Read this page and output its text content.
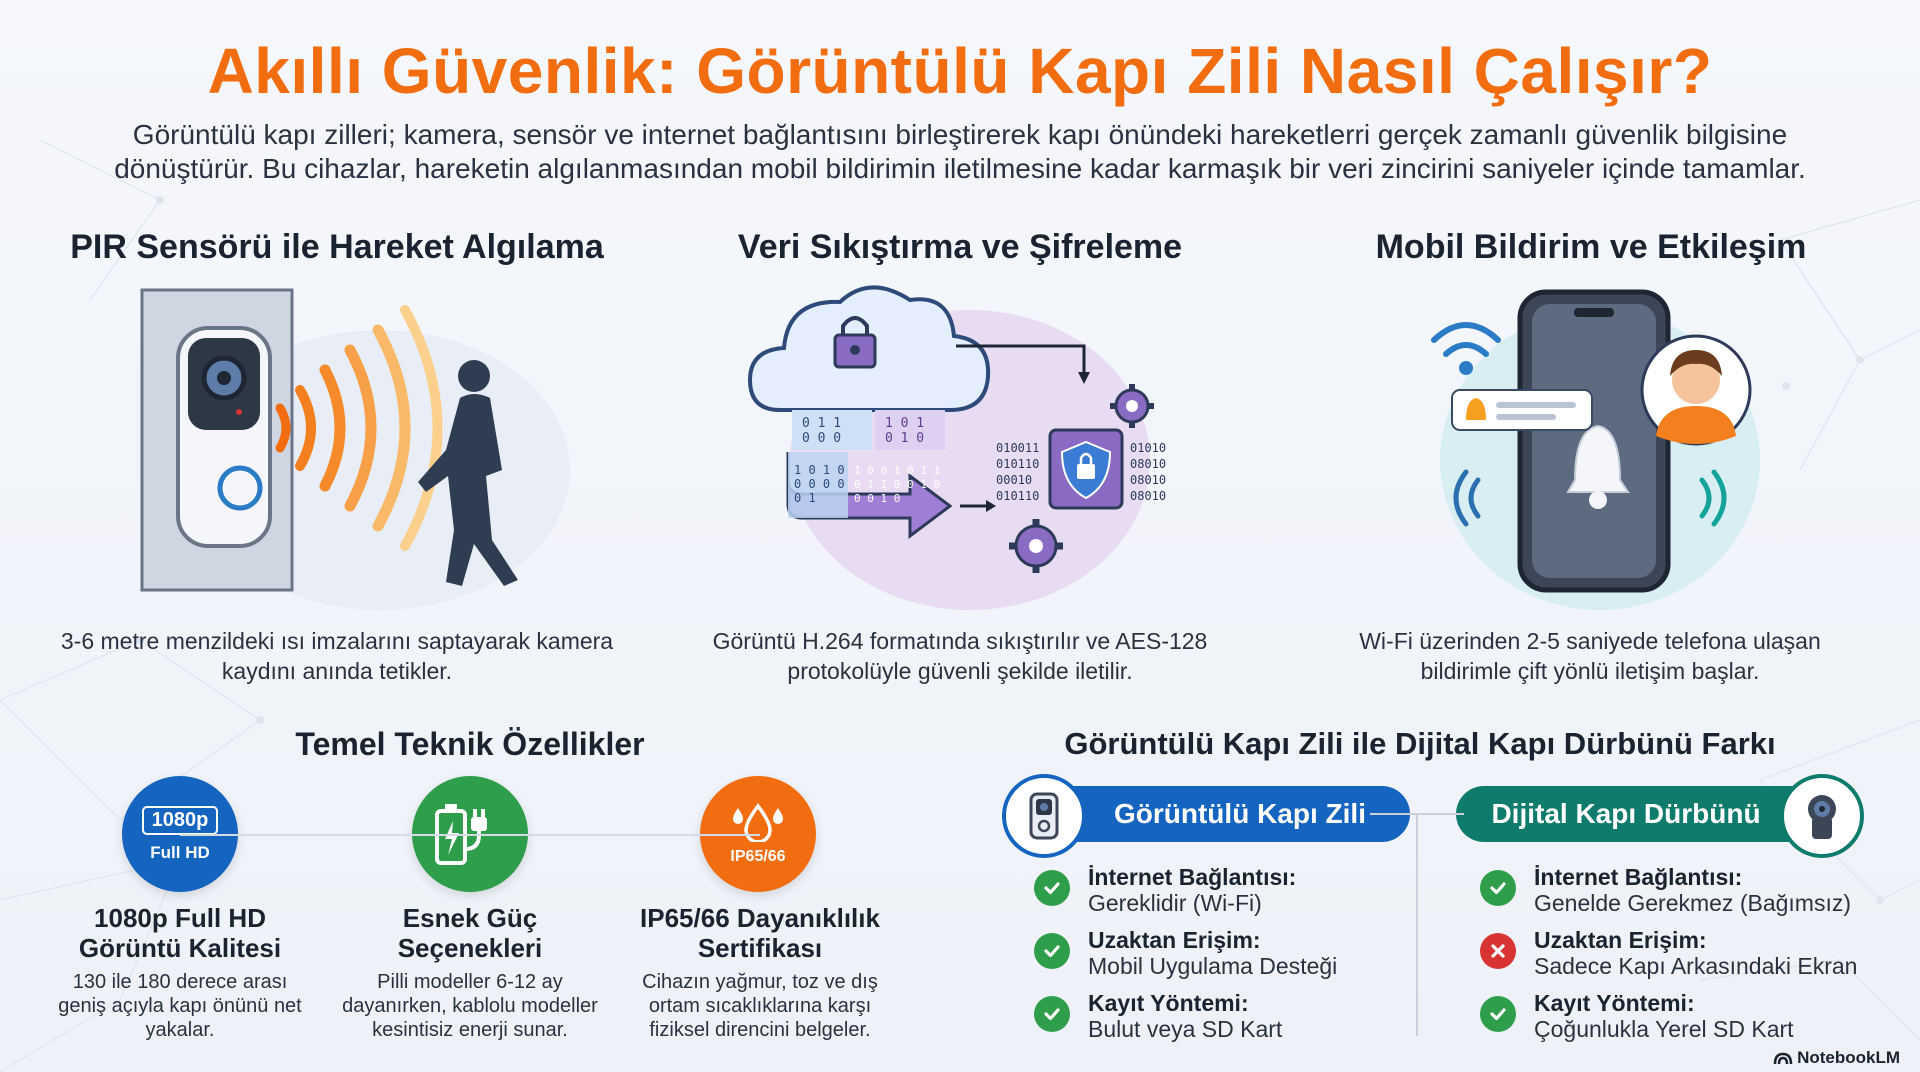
Akıllı Güvenlik: Görüntülü Kapı Zili Nasıl Çalışır?
Görüntülü kapı zilleri; kamera, sensör ve internet bağlantısını birleştirerek kapı önündeki hareketlerri gerçek zamanlı güvenlik bilgisine dönüştürür. Bu cihazlar, hareketin algılanmasından mobil bildirimin iletilmesine kadar karmaşık bir veri zincirini saniyeler içinde tamamlar.
PIR Sensörü ile Hareket Algılama	Veri Sıkıştırma ve Şifreleme	Mobil Bildirim ve Etkileşim
0 1 1
0 0 0
1 0 1
0 1 0
1 0 1 0
0 0 0 0
0 1
1 0 0 1 0 1 1
0 1 1 0 0 1 0
0 0 1 0
010011
010110
00010
010110
01010
08010
08010
08010
3-6 metre menzildeki ısı imzalarını saptayarak kamera kaydını anında tetikler.
Görüntü H.264 formatında sıkıştırılır ve AES-128 protokolüyle güvenli şekilde iletilir.
Wi-Fi üzerinden 2-5 saniyede telefona ulaşan bildirimle çift yönlü iletişim başlar.
Temel Teknik Özellikler
1080p
Full HD	IP65/66
1080p Full HD
Görüntü Kalitesi
130 ile 180 derece arası geniş açıyla kapı önünü net yakalar.
Esnek Güç
Seçenekleri
Pilli modeller 6-12 ay dayanırken, kablolu modeller kesintisiz enerji sunar.
IP65/66 Dayanıklılık
Sertifikası
Cihazın yağmur, toz ve dış ortam sıcaklıklarına karşı fiziksel direncini belgeler.
Görüntülü Kapı Zili ile Dijital Kapı Dürbünü Farkı
Görüntülü Kapı Zili	Dijital Kapı Dürbünü
İnternet Bağlantısı:
Gereklidir (Wi-Fi)
Uzaktan Erişim:
Mobil Uygulama Desteği
Kayıt Yöntemi:
Bulut veya SD Kart
İnternet Bağlantısı:
Genelde Gerekmez (Bağımsız)
Uzaktan Erişim:
Sadece Kapı Arkasındaki Ekran
Kayıt Yöntemi:
Çoğunlukla Yerel SD Kart
NotebookLM
